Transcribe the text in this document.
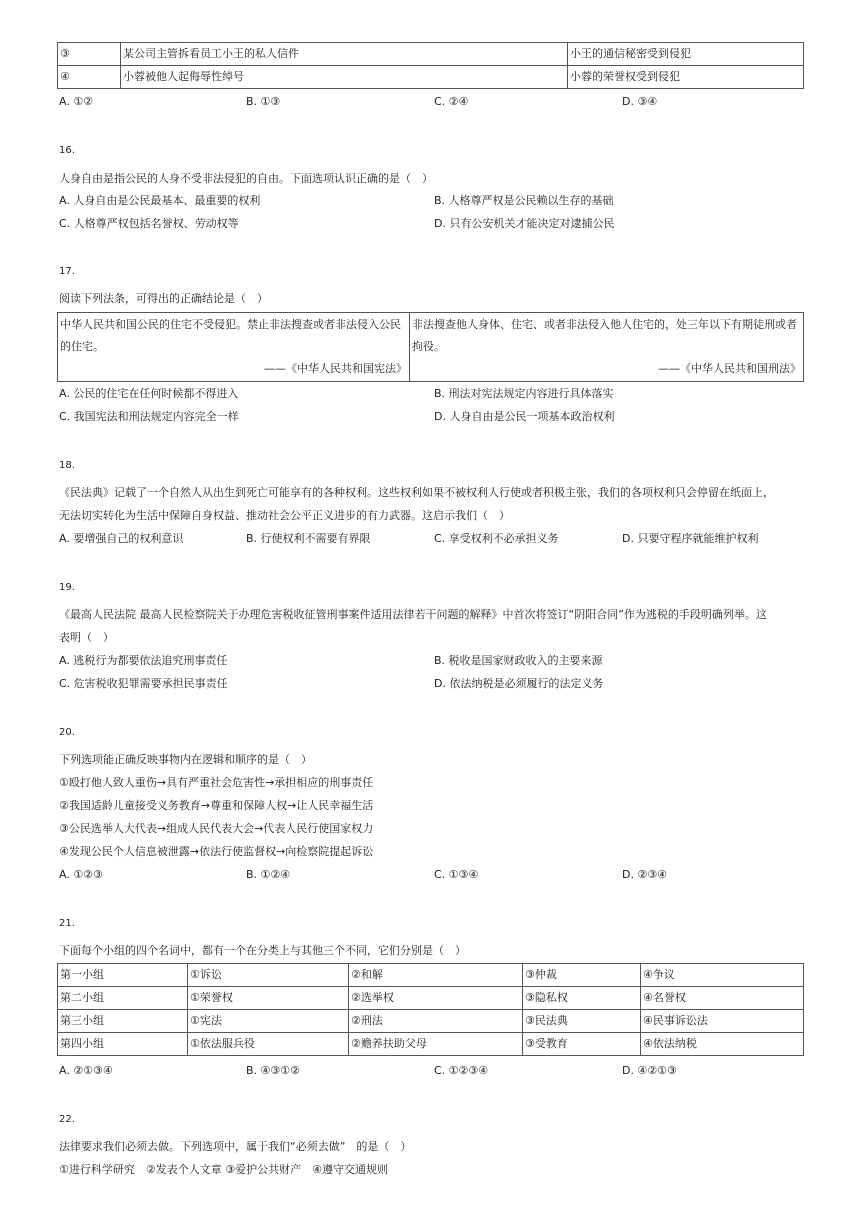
③	某公司主管拆看员工小王的私人信件	小王的通信秘密受到侵犯
④	小蓉被他人起侮辱性绰号	小蓉的荣誉权受到侵犯
A. ①②	B. ①③	C. ②④	D. ③④
16.
人身自由是指公民的人身不受非法侵犯的自由。下面选项认识正确的是（　）
A. 人身自由是公民最基本、最重要的权利	B. 人格尊严权是公民赖以生存的基础
C. 人格尊严权包括名誉权、劳动权等	D. 只有公安机关才能决定对逮捕公民
17.
阅读下列法条，可得出的正确结论是（　）
中华人民共和国公民的住宅不受侵犯。禁止非法搜查或者非法侵入公民的住宅。
——《中华人民共和国宪法》

非法搜查他人身体、住宅、或者非法侵入他人住宅的，处三年以下有期徒刑或者拘役。
——《中华人民共和国刑法》
A. 公民的住宅在任何时候都不得进入	B. 刑法对宪法规定内容进行具体落实
C. 我国宪法和刑法规定内容完全一样	D. 人身自由是公民一项基本政治权利
18.
《民法典》记载了一个自然人从出生到死亡可能享有的各种权利。这些权利如果不被权利人行使或者积极主张，我们的各项权利只会停留在纸面上，
无法切实转化为生活中保障自身权益、推动社会公平正义进步的有力武器。这启示我们（　）
A. 要增强自己的权利意识	B. 行使权利不需要有界限	C. 享受权利不必承担义务	D. 只要守程序就能维护权利
19.
《最高人民法院 最高人民检察院关于办理危害税收征管刑事案件适用法律若干问题的解释》中首次将签订“阴阳合同”作为逃税的手段明确列举。这
表明（　）
A. 逃税行为都要依法追究刑事责任	B. 税收是国家财政收入的主要来源
C. 危害税收犯罪需要承担民事责任	D. 依法纳税是必须履行的法定义务
20.
下列选项能正确反映事物内在逻辑和顺序的是（　）
①殴打他人致人重伤→具有严重社会危害性→承担相应的刑事责任
②我国适龄儿童接受义务教育→尊重和保障人权→让人民幸福生活
③公民选举人大代表→组成人民代表大会→代表人民行使国家权力
④发现公民个人信息被泄露→依法行使监督权→向检察院提起诉讼
A. ①②③	B. ①②④	C. ①③④	D. ②③④
21.
下面每个小组的四个名词中，都有一个在分类上与其他三个不同，它们分别是（　）
第一小组	①诉讼	②和解	③仲裁	④争议
第二小组	①荣誉权	②选举权	③隐私权	④名誉权
第三小组	①宪法	②刑法	③民法典	④民事诉讼法
第四小组	①依法服兵役	②赡养扶助父母	③受教育	④依法纳税
A. ②①③④	B. ④③①②	C. ①②③④	D. ④②①③
22.
法律要求我们必须去做。下列选项中，属于我们“必须去做”　的是（　）
①进行科学研究　②发表个人文章 ③爱护公共财产　④遵守交通规则
